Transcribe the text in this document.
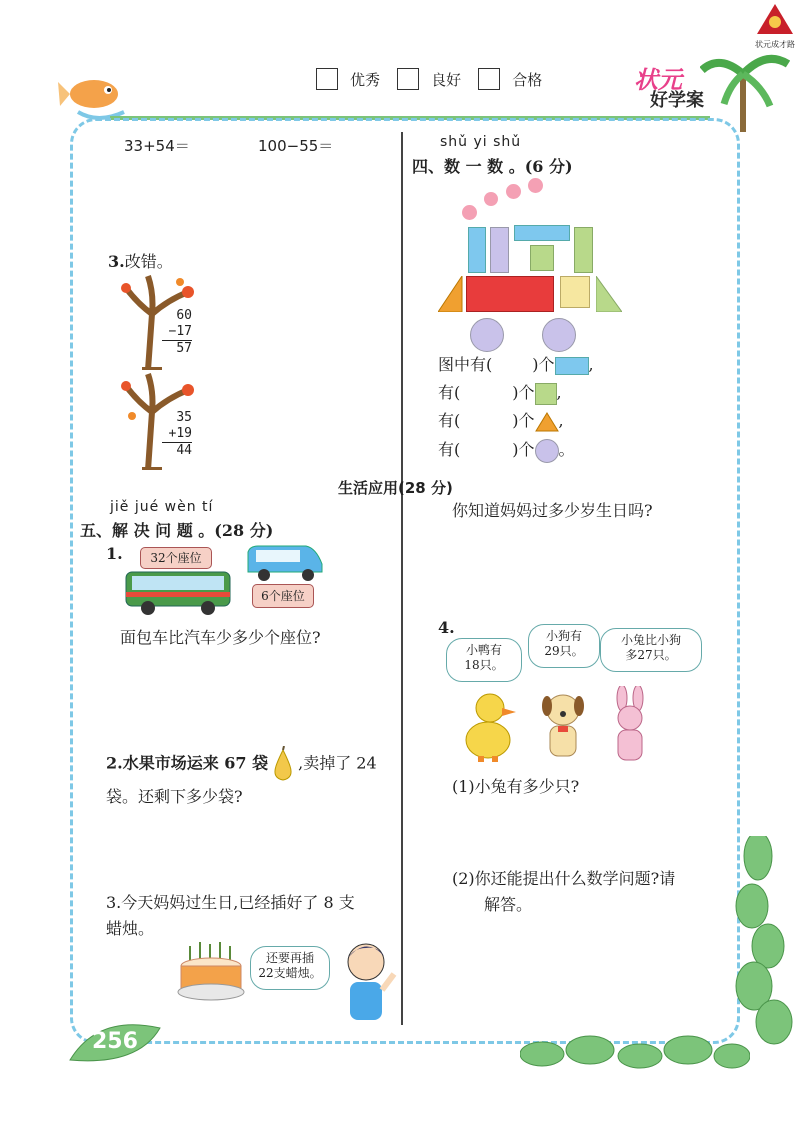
优秀	良好	合格
状元成才路
状元
好学案
33+54＝	100−55＝
3.改错。
60
−17
57
35
+19
44
shǔ yi shǔ
四、数 一 数 。(6 分)
图中有(	)个 ,
有(	)个 ,
有(	)个 ,
有(	)个 。
生活应用(28 分)
jiě jué wèn tí
五、解 决 问 题 。(28 分)
1.	32个座位
6个座位
面包车比汽车少多少个座位?
2.水果市场运来 67 袋 ,卖掉了 24
袋。还剩下多少袋?
3.今天妈妈过生日,已经插好了 8 支
蜡烛。
还要再插
22支蜡烛。
你知道妈妈过多少岁生日吗?
4.
小鸭有
18只。
小狗有
29只。
小兔比小狗
多27只。
(1)小兔有多少只?
(2)你还能提出什么数学问题?请
解答。
256
